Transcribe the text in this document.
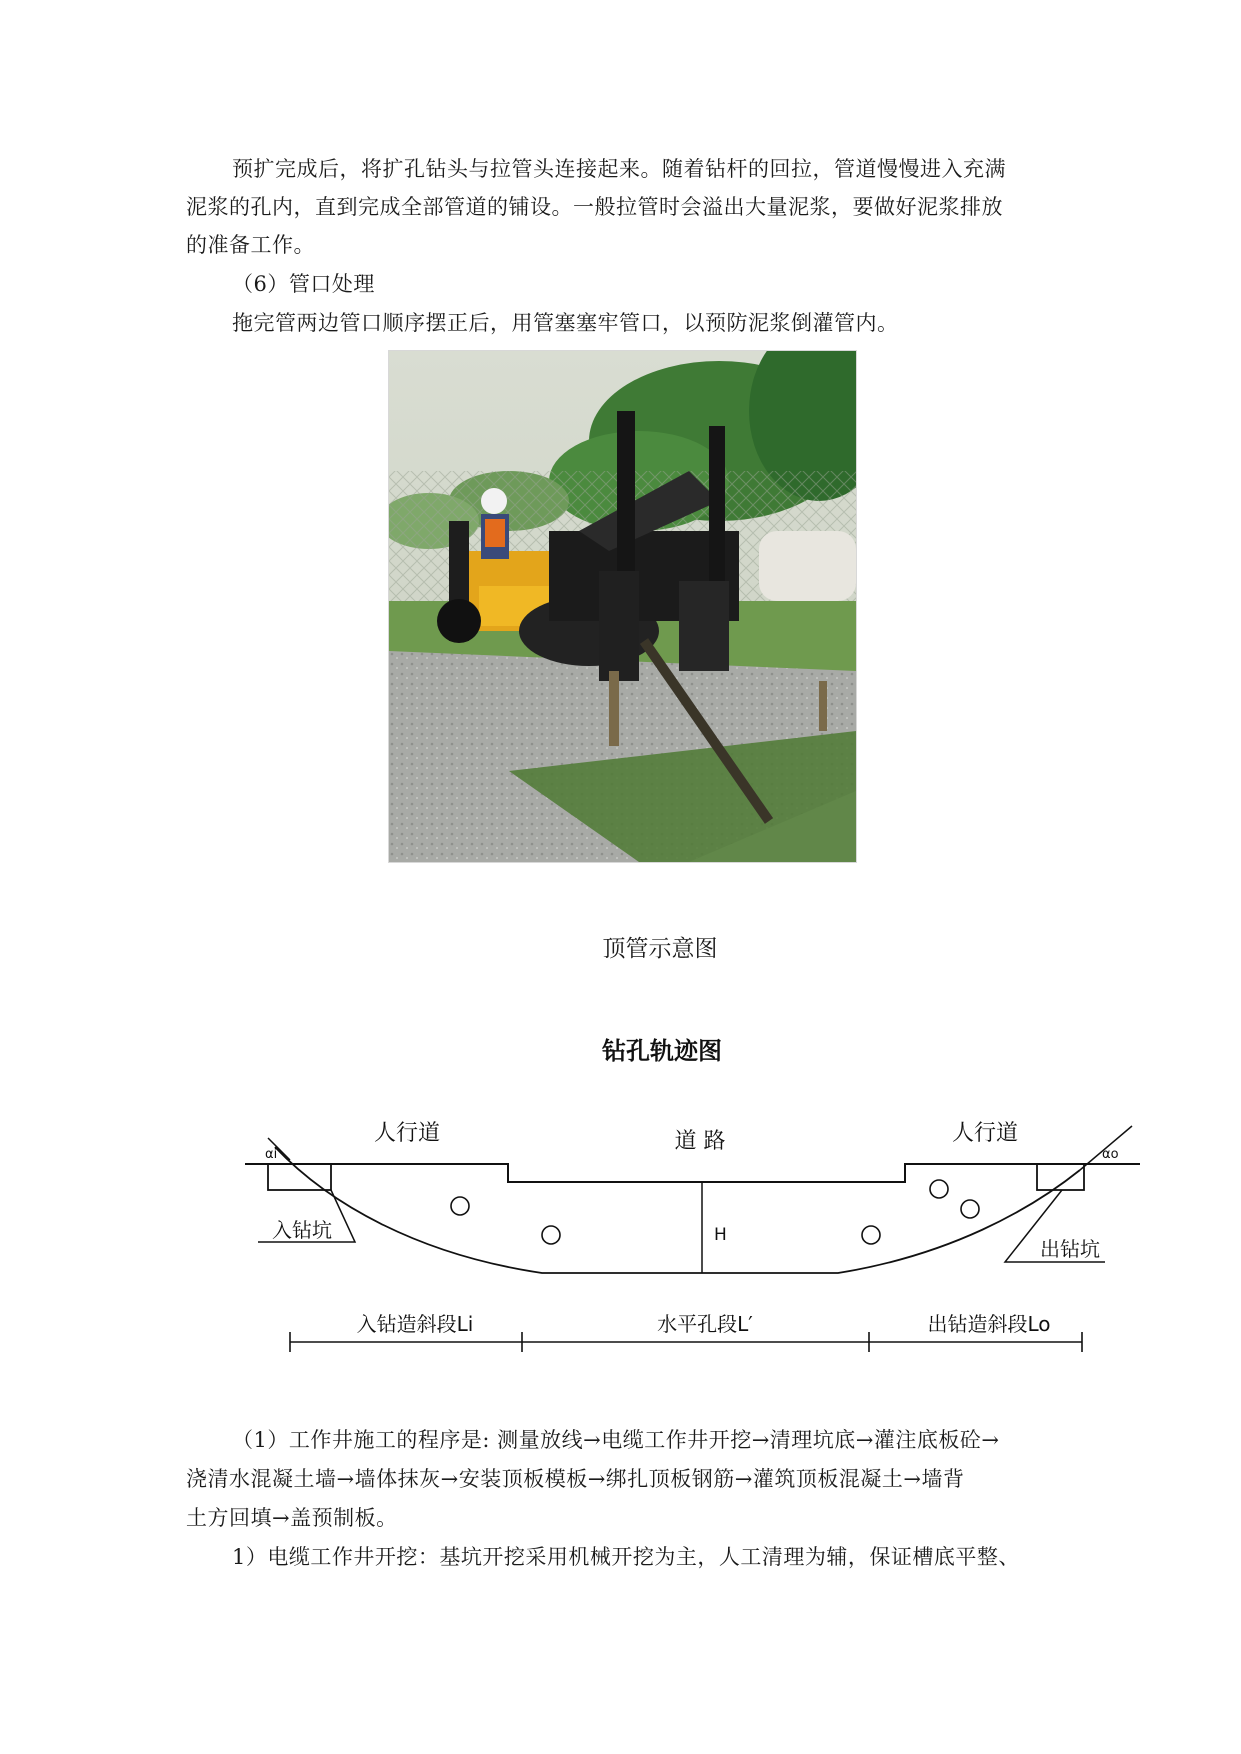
预扩完成后，将扩孔钻头与拉管头连接起来。随着钻杆的回拉，管道慢慢进入充满
泥浆的孔内，直到完成全部管道的铺设。一般拉管时会溢出大量泥浆，要做好泥浆排放
的准备工作。
（6）管口处理
拖完管两边管口顺序摆正后，用管塞塞牢管口，以预防泥浆倒灌管内。
顶管示意图
钻孔轨迹图
H
人行道	道 路	人行道
αi	αo
入钻坑
出钻坑
入钻造斜段Li	水平孔段L′	出钻造斜段Lo
（1）工作井施工的程序是: 测量放线→电缆工作井开挖→清理坑底→灌注底板砼→
浇清水混凝土墙→墙体抹灰→安装顶板模板→绑扎顶板钢筋→灌筑顶板混凝土→墙背
土方回填→盖预制板。
1）电缆工作井开挖：基坑开挖采用机械开挖为主，人工清理为辅，保证槽底平整、
